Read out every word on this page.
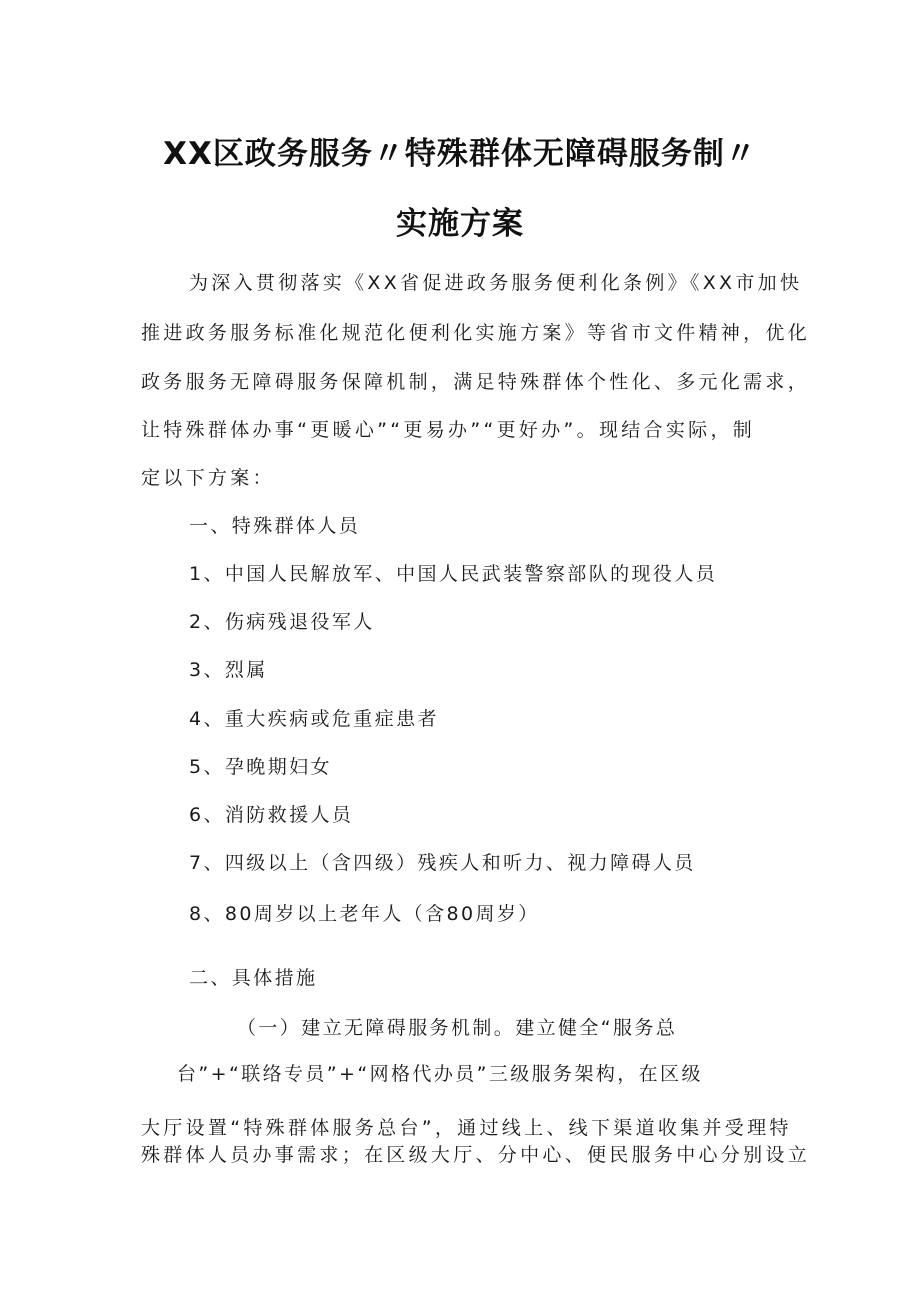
XX区政务服务〃特殊群体无障碍服务制〃
实施方案
为深入贯彻落实《XX省促进政务服务便利化条例》《XX市加快
推进政务服务标准化规范化便利化实施方案》等省市文件精神，优化
政务服务无障碍服务保障机制，满足特殊群体个性化、多元化需求，
让特殊群体办事“更暖心”“更易办”“更好办”。现结合实际，制
定以下方案：
一、特殊群体人员
1、中国人民解放军、中国人民武装警察部队的现役人员
2、伤病残退役军人
3、烈属
4、重大疾病或危重症患者
5、孕晚期妇女
6、消防救援人员
7、四级以上（含四级）残疾人和听力、视力障碍人员
8、80周岁以上老年人（含80周岁）
二、具体措施
（一）建立无障碍服务机制。建立健全“服务总
台”+“联络专员”+“网格代办员”三级服务架构，在区级
大厅设置“特殊群体服务总台”，通过线上、线下渠道收集并受理特
殊群体人员办事需求；在区级大厅、分中心、便民服务中心分别设立
